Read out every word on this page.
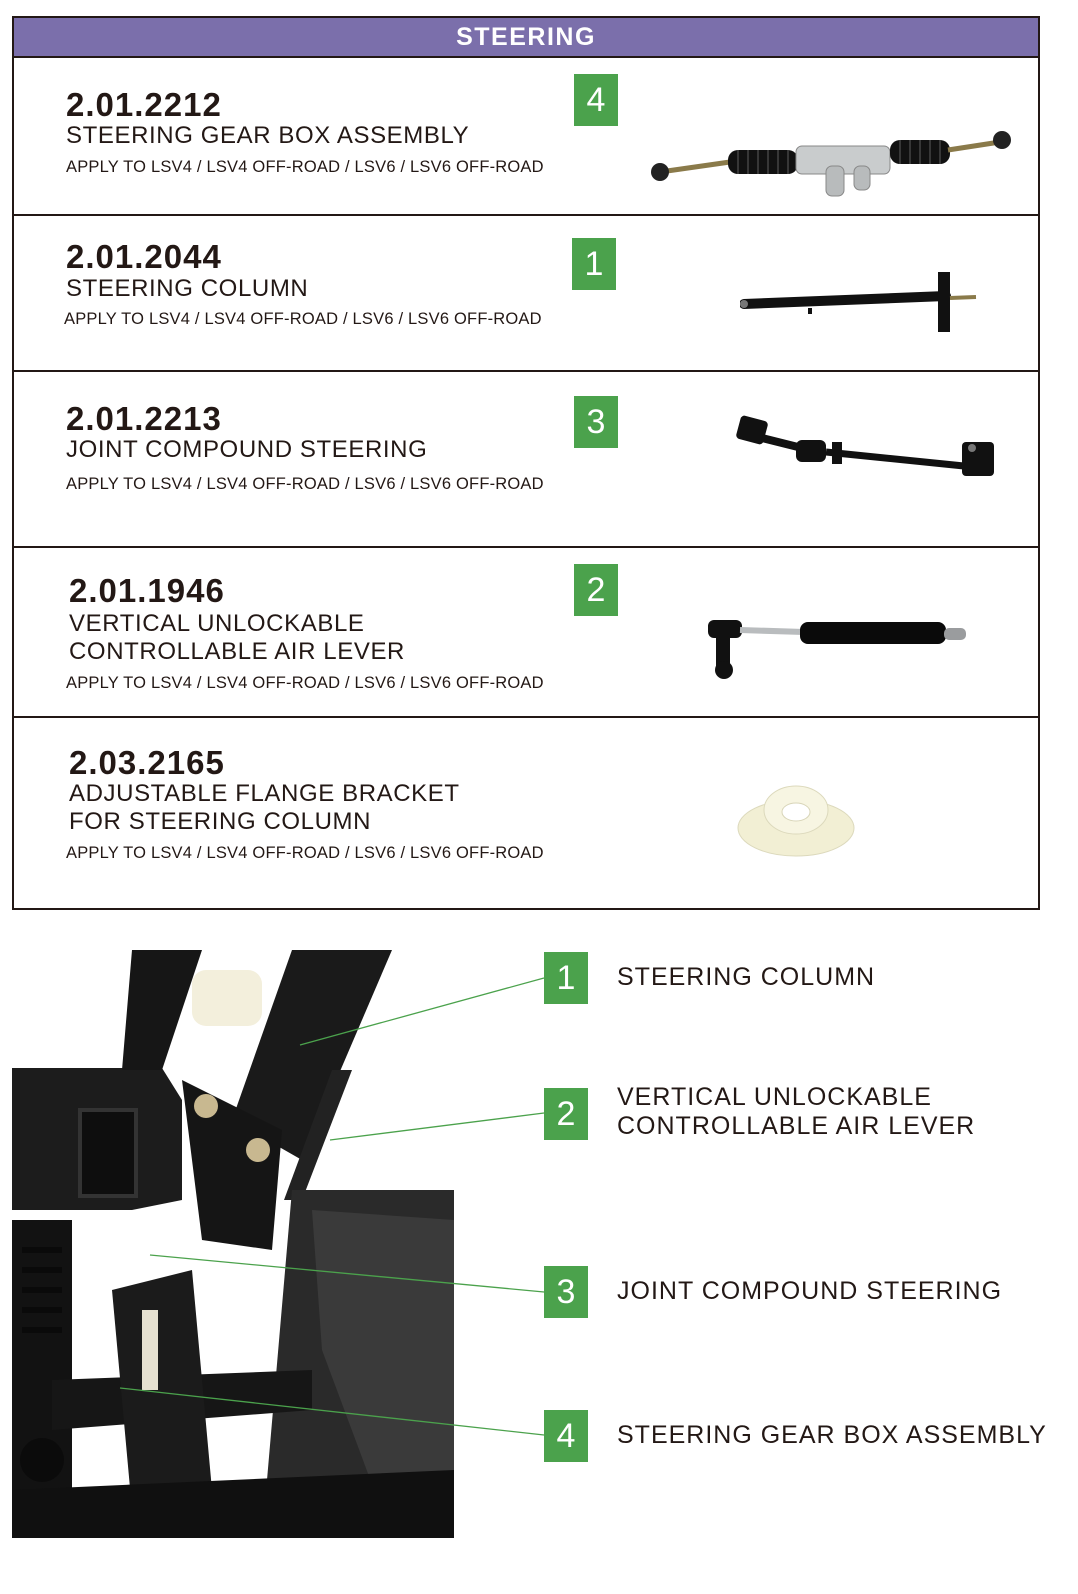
STEERING
2.01.2212
STEERING GEAR BOX ASSEMBLY
APPLY TO LSV4 / LSV4 OFF-ROAD / LSV6 / LSV6 OFF-ROAD
4
2.01.2044
STEERING COLUMN
APPLY TO LSV4 / LSV4 OFF-ROAD / LSV6 / LSV6 OFF-ROAD
1
2.01.2213
JOINT COMPOUND STEERING
APPLY TO LSV4 / LSV4 OFF-ROAD / LSV6 / LSV6 OFF-ROAD
3
2.01.1946
VERTICAL UNLOCKABLE
CONTROLLABLE AIR LEVER
APPLY TO LSV4 / LSV4 OFF-ROAD / LSV6 / LSV6 OFF-ROAD
2
2.03.2165
ADJUSTABLE FLANGE BRACKET
FOR STEERING COLUMN
APPLY TO LSV4 / LSV4 OFF-ROAD / LSV6 / LSV6 OFF-ROAD
1	STEERING COLUMN
2	VERTICAL UNLOCKABLE
CONTROLLABLE AIR LEVER
3	JOINT COMPOUND STEERING
4	STEERING GEAR BOX ASSEMBLY
